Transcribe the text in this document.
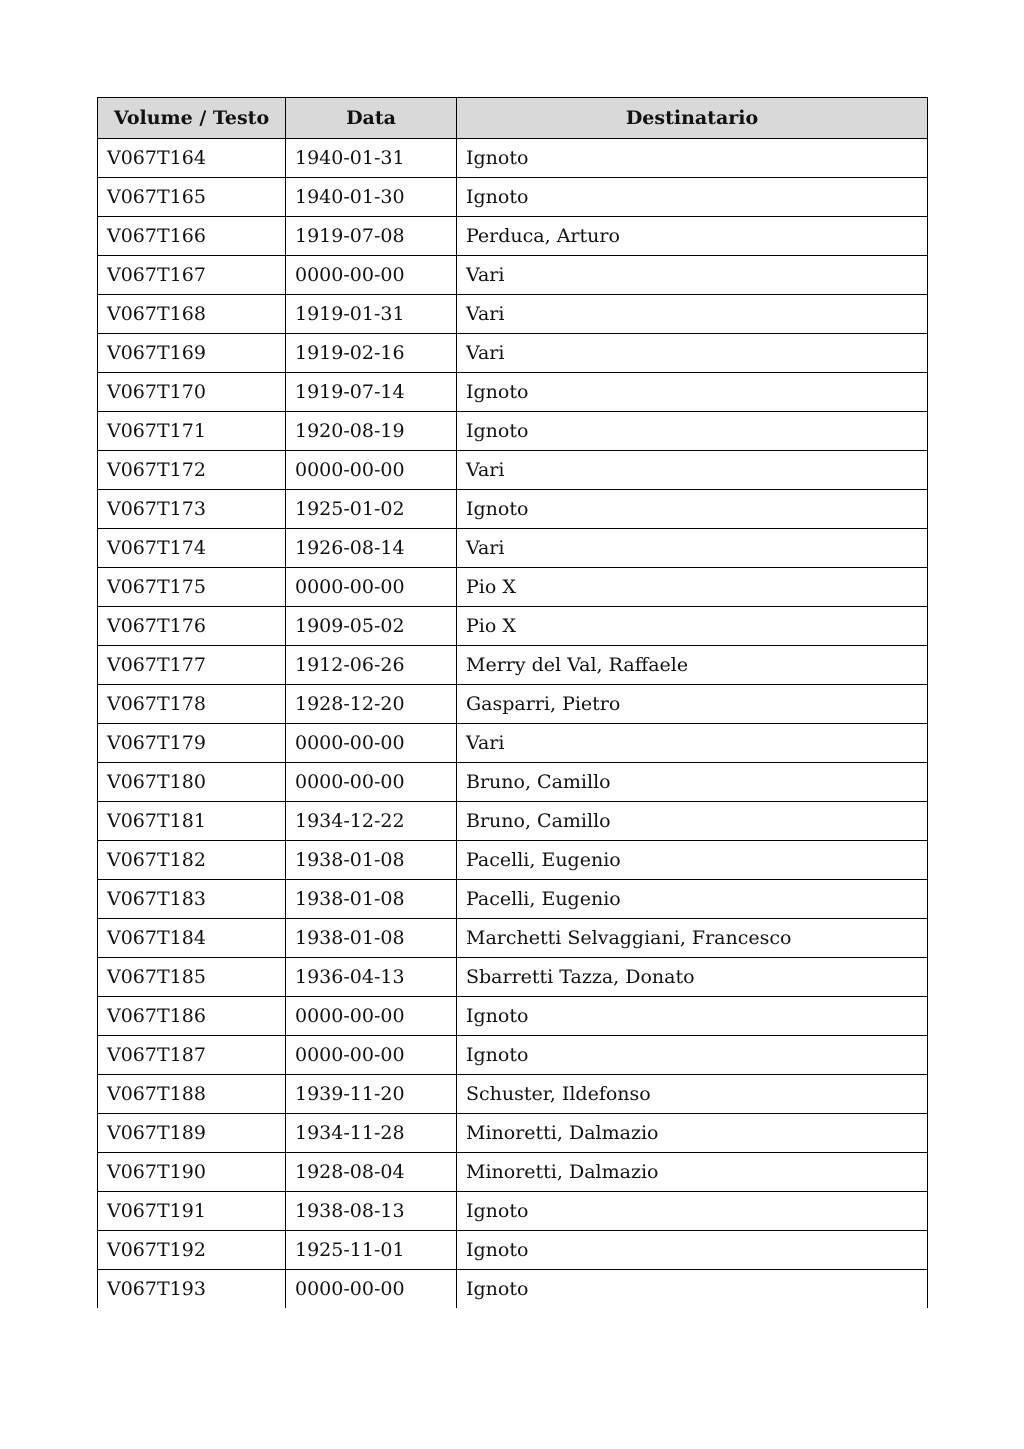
Volume / Testo	Data	Destinatario
V067T164	1940-01-31	Ignoto
V067T165	1940-01-30	Ignoto
V067T166	1919-07-08	Perduca, Arturo
V067T167	0000-00-00	Vari
V067T168	1919-01-31	Vari
V067T169	1919-02-16	Vari
V067T170	1919-07-14	Ignoto
V067T171	1920-08-19	Ignoto
V067T172	0000-00-00	Vari
V067T173	1925-01-02	Ignoto
V067T174	1926-08-14	Vari
V067T175	0000-00-00	Pio X
V067T176	1909-05-02	Pio X
V067T177	1912-06-26	Merry del Val, Raffaele
V067T178	1928-12-20	Gasparri, Pietro
V067T179	0000-00-00	Vari
V067T180	0000-00-00	Bruno, Camillo
V067T181	1934-12-22	Bruno, Camillo
V067T182	1938-01-08	Pacelli, Eugenio
V067T183	1938-01-08	Pacelli, Eugenio
V067T184	1938-01-08	Marchetti Selvaggiani, Francesco
V067T185	1936-04-13	Sbarretti Tazza, Donato
V067T186	0000-00-00	Ignoto
V067T187	0000-00-00	Ignoto
V067T188	1939-11-20	Schuster, Ildefonso
V067T189	1934-11-28	Minoretti, Dalmazio
V067T190	1928-08-04	Minoretti, Dalmazio
V067T191	1938-08-13	Ignoto
V067T192	1925-11-01	Ignoto
V067T193	0000-00-00	Ignoto
